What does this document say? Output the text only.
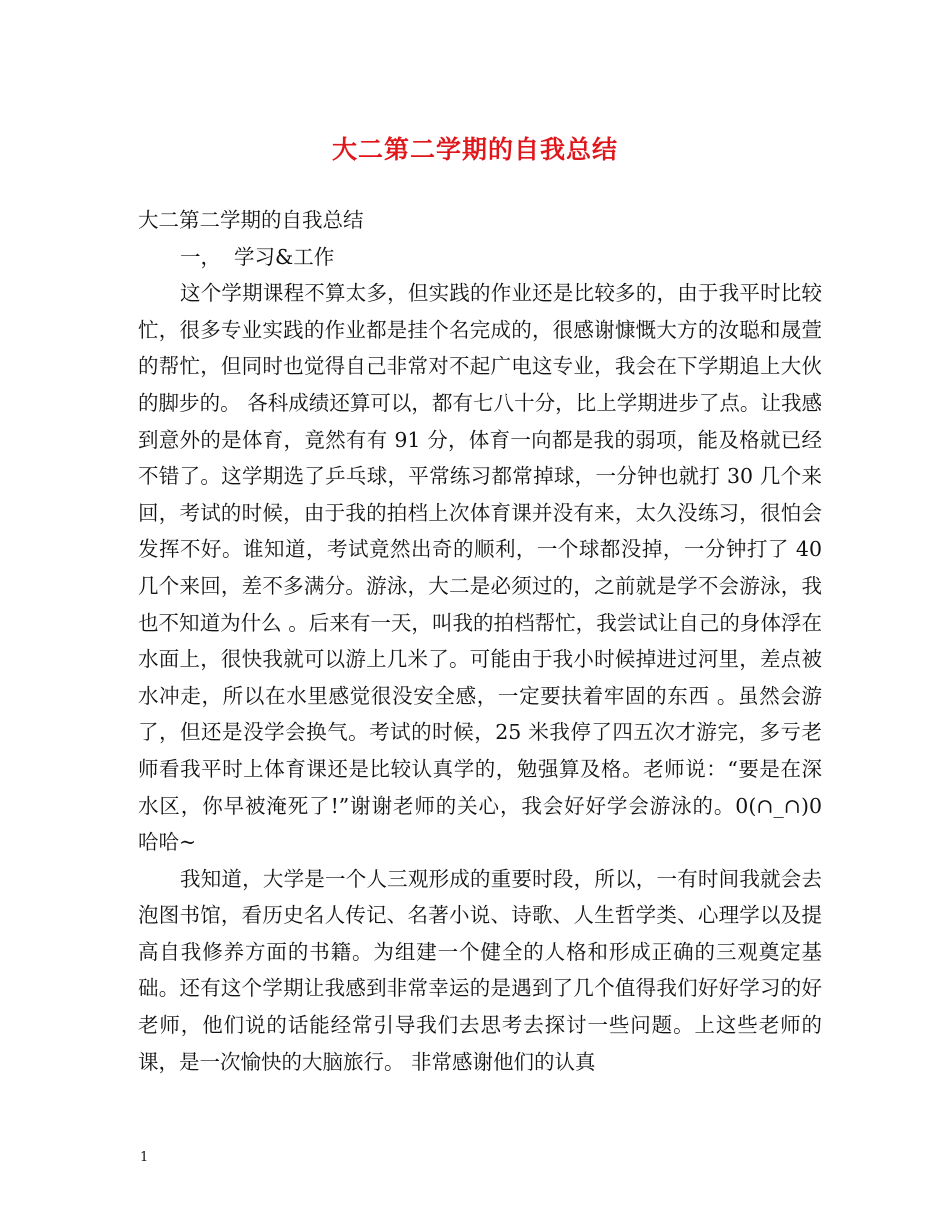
大二第二学期的自我总结

大二第二学期的自我总结

一，  学习&工作

这个学期课程不算太多，但实践的作业还是比较多的，由于我平时比较忙，很多专业实践的作业都是挂个名完成的，很感谢慷慨大方的汝聪和晟萱的帮忙，但同时也觉得自己非常对不起广电这专业，我会在下学期追上大伙的脚步的。 各科成绩还算可以，都有七八十分，比上学期进步了点。让我感到意外的是体育，竟然有有 91 分，体育一向都是我的弱项，能及格就已经不错了。这学期选了乒乓球，平常练习都常掉球，一分钟也就打 30 几个来回，考试的时候，由于我的拍档上次体育课并没有来，太久没练习，很怕会发挥不好。谁知道，考试竟然出奇的顺利，一个球都没掉，一分钟打了 40 几个来回，差不多满分。游泳，大二是必须过的，之前就是学不会游泳，我也不知道为什么 。后来有一天，叫我的拍档帮忙，我尝试让自己的身体浮在水面上，很快我就可以游上几米了。可能由于我小时候掉进过河里，差点被水冲走，所以在水里感觉很没安全感，一定要扶着牢固的东西 。虽然会游了，但还是没学会换气。考试的时候，25 米我停了四五次才游完，多亏老师看我平时上体育课还是比较认真学的，勉强算及格。老师说：“要是在深水区，你早被淹死了!”谢谢老师的关心，我会好好学会游泳的。0(∩_∩)0 哈哈~

我知道，大学是一个人三观形成的重要时段，所以，一有时间我就会去泡图书馆，看历史名人传记、名著小说、诗歌、人生哲学类、心理学以及提高自我修养方面的书籍。为组建一个健全的人格和形成正确的三观奠定基础。还有这个学期让我感到非常幸运的是遇到了几个值得我们好好学习的好老师，他们说的话能经常引导我们去思考去探讨一些问题。上这些老师的课，是一次愉快的大脑旅行。 非常感谢他们的认真

1
